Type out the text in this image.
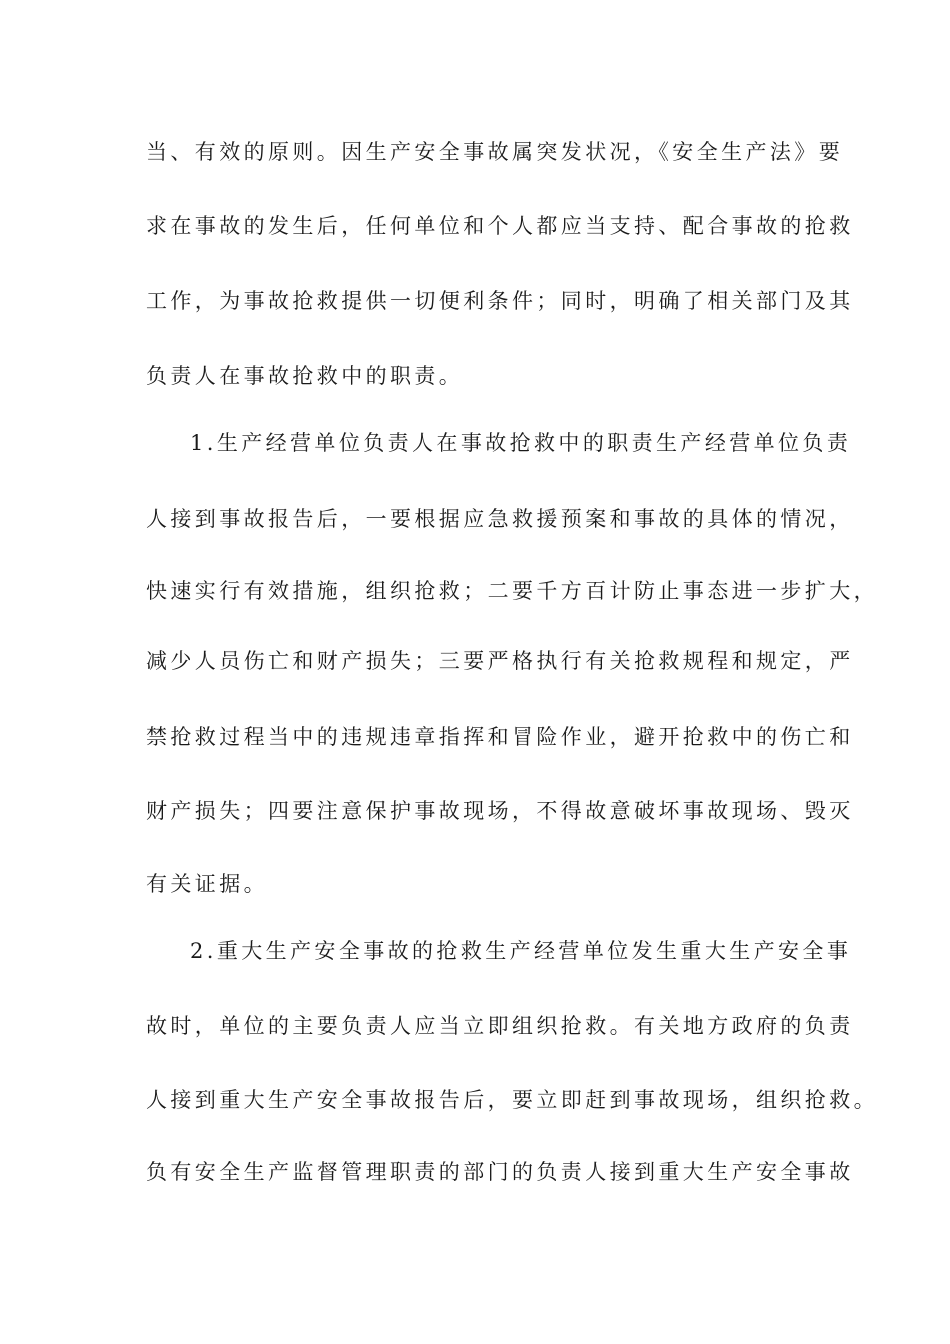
当、有效的原则。因生产安全事故属突发状况，《安全生产法》要
求在事故的发生后，任何单位和个人都应当支持、配合事故的抢救
工作，为事故抢救提供一切便利条件；同时，明确了相关部门及其
负责人在事故抢救中的职责。
1.生产经营单位负责人在事故抢救中的职责生产经营单位负责
人接到事故报告后，一要根据应急救援预案和事故的具体的情况，
快速实行有效措施，组织抢救；二要千方百计防止事态进一步扩大，
减少人员伤亡和财产损失；三要严格执行有关抢救规程和规定，严
禁抢救过程当中的违规违章指挥和冒险作业，避开抢救中的伤亡和
财产损失；四要注意保护事故现场，不得故意破坏事故现场、毁灭
有关证据。
2.重大生产安全事故的抢救生产经营单位发生重大生产安全事
故时，单位的主要负责人应当立即组织抢救。有关地方政府的负责
人接到重大生产安全事故报告后，要立即赶到事故现场，组织抢救。
负有安全生产监督管理职责的部门的负责人接到重大生产安全事故
